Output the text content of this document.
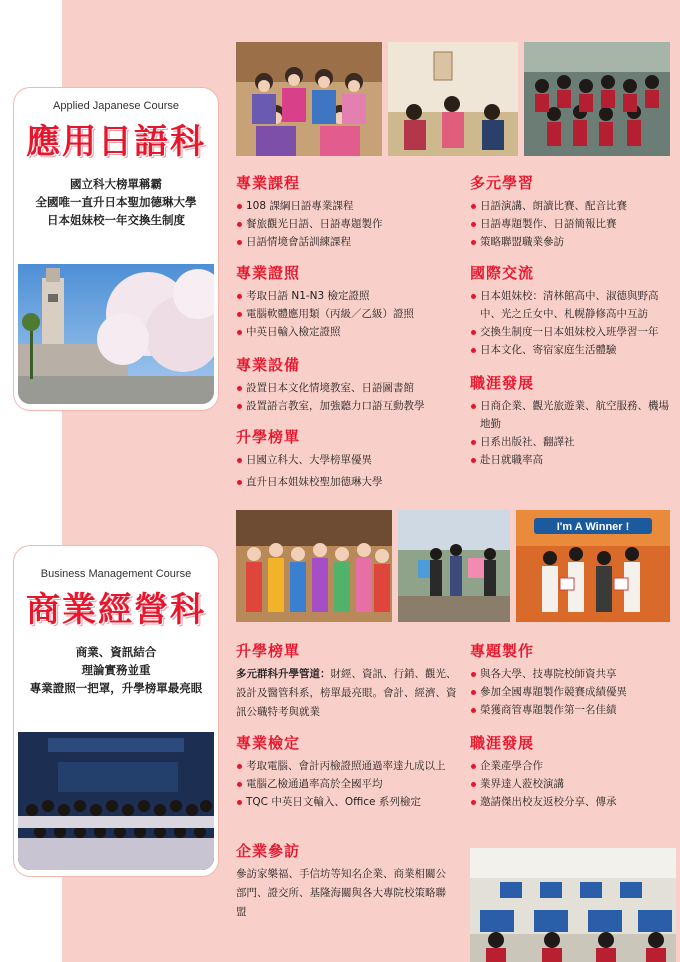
Applied Japanese Course
應用日語科
國立科大榜單稱霸
全國唯一直升日本聖加德琳大學
日本姐妹校一年交換生制度
專業課程
108 課綱日語專業課程
餐旅觀光日語、日語專題製作
日語情境會話訓練課程
專業證照
考取日語 N1-N3 檢定證照
電腦軟體應用類（丙級／乙級）證照
中英日輸入檢定證照
專業設備
設置日本文化情境教室、日語圖書館
設置語言教室，加強聽力口語互動教學
升學榜單
日國立科大、大學榜單優異
直升日本姐妹校聖加德琳大學
多元學習
日語演講、朗讀比賽、配音比賽
日語專題製作、日語簡報比賽
策略聯盟職業參訪
國際交流
日本姐妹校：清林館高中、淑德與野高中、光之丘女中、札幌静修高中互訪
交換生制度一日本姐妹校入班學習一年
日本文化、寄宿家庭生活體驗
職涯發展
日商企業、觀光旅遊業、航空服務、機場地勤
日系出版社、翻譯社
赴日就職率高
Business Management Course
商業經營科
商業、資訊結合
理論實務並重
專業證照一把罩，升學榜單最亮眼
I'm A Winner !
升學榜單

多元群科升學管道：財經、資訊、行銷、觀光、設計及醫管科系，榜單最亮眼。會計、經濟、資訊公職特考與就業

專業檢定
考取電腦、會計丙檢證照通過率達九成以上
電腦乙檢通過率高於全國平均
TQC 中英日文輸入、Office 系列檢定
企業參訪

參訪家樂福、手信坊等知名企業、商業相關公部門、證交所、基隆海關與各大專院校策略聯盟

專題製作
與各大學、技專院校師資共享
參加全國專題製作競賽成績優異
榮獲商管專題製作第一名佳績
職涯發展
企業產學合作
業界達人蒞校演講
邀請傑出校友返校分享、傳承
